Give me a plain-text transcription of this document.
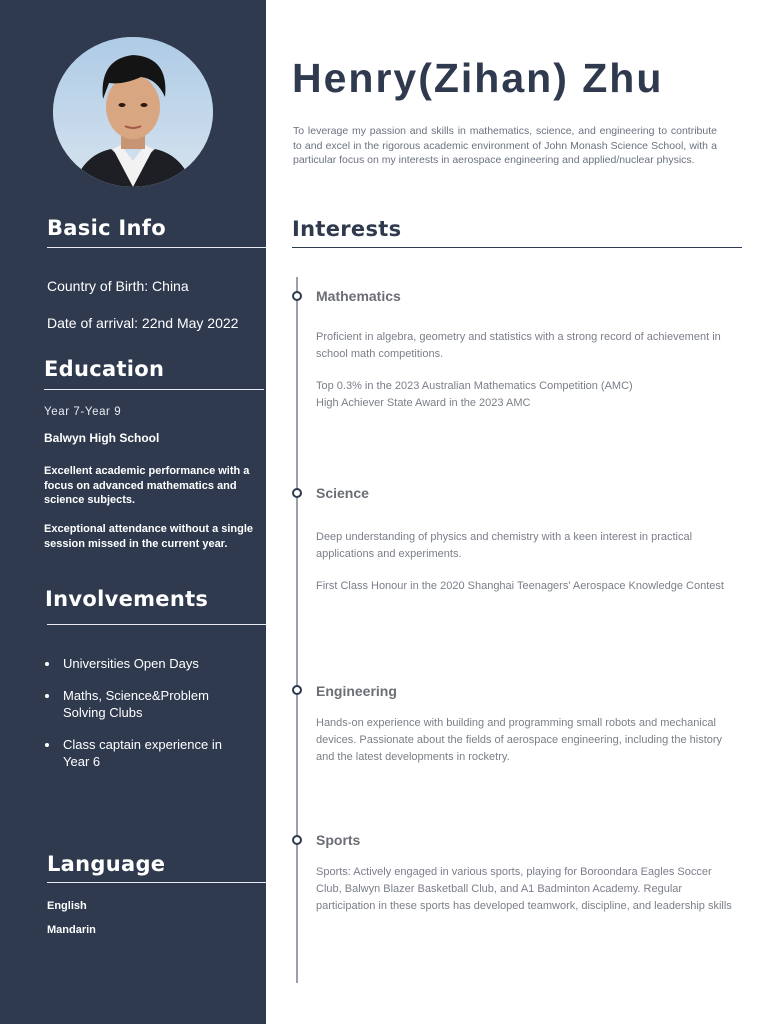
Basic Info
Country of Birth: China
Date of arrival: 22nd May 2022
Education
Year 7-Year 9
Balwyn High School
Excellent academic performance with a focus on advanced mathematics and science subjects.
Exceptional attendance without a single session missed in the current year.
Involvements
Universities Open Days
Maths, Science&Problem Solving Clubs
Class captain experience in Year 6
Language
English
Mandarin
Henry(Zihan) Zhu
To leverage my passion and skills in mathematics, science, and engineering to contribute to and excel in the rigorous academic environment of John Monash Science School, with a particular focus on my interests in aerospace engineering and applied/nuclear physics.
Interests
Mathematics
Proficient in algebra, geometry and statistics with a strong record of achievement in school math competitions.
Top 0.3% in the 2023 Australian Mathematics Competition (AMC)
High Achiever State Award in the 2023 AMC
Science
Deep understanding of physics and chemistry with a keen interest in practical applications and experiments.
First Class Honour in the 2020 Shanghai Teenagers' Aerospace Knowledge Contest
Engineering
Hands-on experience with building and programming small robots and mechanical devices. Passionate about the fields of aerospace engineering, including the history and the latest developments in rocketry.
Sports
Sports: Actively engaged in various sports, playing for Boroondara Eagles Soccer Club, Balwyn Blazer Basketball Club, and A1 Badminton Academy. Regular participation in these sports has developed teamwork, discipline, and leadership skills
